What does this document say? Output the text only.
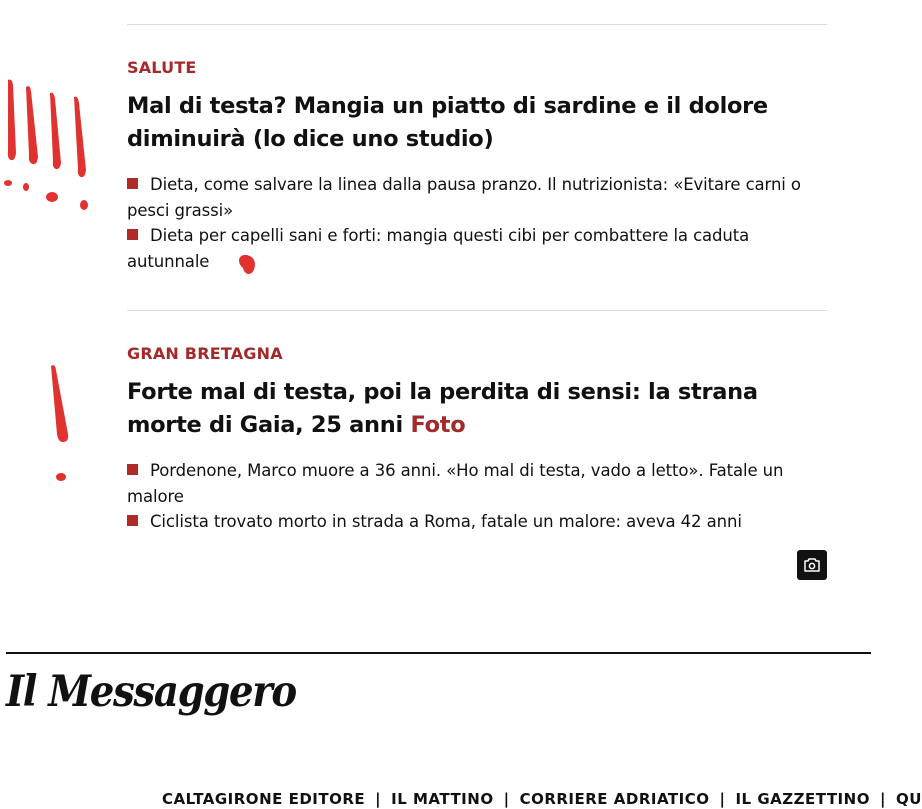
SALUTE

Mal di testa? Mangia un piatto di sardine e il dolore diminuirà (lo dice uno studio)
Dieta, come salvare la linea dalla pausa pranzo. Il nutrizionista: «Evitare carni o pesci grassi»
Dieta per capelli sani e forti: mangia questi cibi per combattere la caduta autunnale

GRAN BRETAGNA

Forte mal di testa, poi la perdita di sensi: la strana morte di Gaia, 25 anni Foto
Pordenone, Marco muore a 36 anni. «Ho mal di testa, vado a letto». Fatale un malore
Ciclista trovato morto in strada a Roma, fatale un malore: aveva 42 anni
Il Messaggero
CALTAGIRONE EDITORE | IL MATTINO | CORRIERE ADRIATICO | IL GAZZETTINO | QU
